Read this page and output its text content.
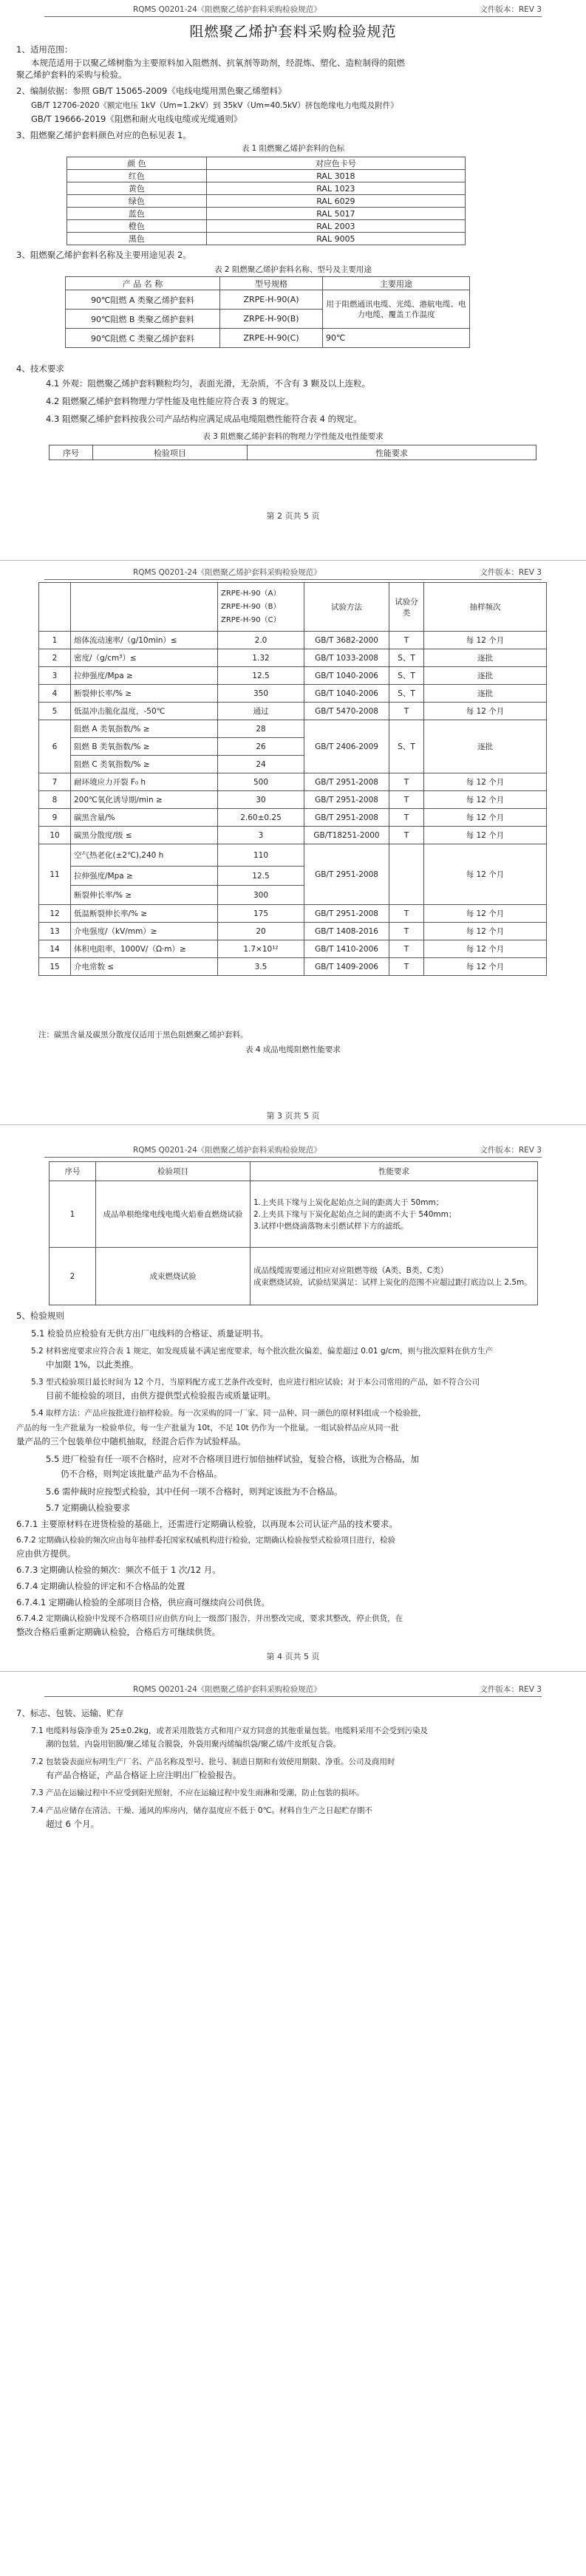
RQMS Q0201-24《阻燃聚乙烯护套料采购检验规范》	文件版本：REV 3
阻燃聚乙烯护套料采购检验规范
1、适用范围：
本规范适用于以聚乙烯树脂为主要原料加入阻燃剂、抗氧剂等助剂，经混炼、塑化、造粒制得的阻燃
聚乙烯护套料的采购与检验。
2、编制依据：参照 GB/T 15065-2009《电线电缆用黑色聚乙烯塑料》
GB/T 12706-2020《额定电压 1kV（Um=1.2kV）到 35kV（Um=40.5kV）挤包绝缘电力电缆及附件》
GB/T 19666-2019《阻燃和耐火电线电缆或光缆通则》
3、阻燃聚乙烯护套料颜色对应的色标见表 1。
表 1 阻燃聚乙烯护套料的色标
颜 色	对应色卡号
红色	RAL 3018
黄色	RAL 1023
绿色	RAL 6029
蓝色	RAL 5017
橙色	RAL 2003
黑色	RAL 9005
3、阻燃聚乙烯护套料名称及主要用途见表 2。
表 2 阻燃聚乙烯护套料名称、型号及主要用途
产 品 名 称	型号规格	主要用途
90℃阻燃 A 类聚乙烯护套料	ZRPE-H-90(A)	用于阻燃通讯电缆、光缆、港航电缆、电力电缆、覆盖工作温度
90℃阻燃 B 类聚乙烯护套料	ZRPE-H-90(B)	
90℃阻燃 C 类聚乙烯护套料	ZRPE-H-90(C)	90℃
4、技术要求
4.1 外观：阻燃聚乙烯护套料颗粒均匀，表面光滑，无杂质，不含有 3 颗及以上连粒。
4.2 阻燃聚乙烯护套料物理力学性能及电性能应符合表 3 的规定。
4.3 阻燃聚乙烯护套料按我公司产品结构应满足成品电缆阻燃性能符合表 4 的规定。
表 3 阻燃聚乙烯护套料的物理力学性能及电性能要求
序号	检验项目	性能要求
第 2 页共 5 页
RQMS Q0201-24《阻燃聚乙烯护套料采购检验规范》	文件版本：REV 3

		ZRPE-H-90（A）
ZRPE-H-90（B）
ZRPE-H-90（C）	试验方法	试验分类	抽样频次
1	熔体流动速率/（g/10min）≤	2.0	GB/T 3682-2000	T	每 12 个月
2	密度/（g/cm³）≤	1.32	GB/T 1033-2008	S、T	逐批
3	拉伸强度/Mpa ≥	12.5	GB/T 1040-2006	S、T	逐批
4	断裂伸长率/% ≥	350	GB/T 1040-2006	S、T	逐批
5	低温冲击脆化温度，-50℃	通过	GB/T 5470-2008	T	每 12 个月
6	阻燃 A 类氧指数/% ≥	28	GB/T 2406-2009	S、T	逐批
	阻燃 B 类氧指数/% ≥	26			
	阻燃 C 类氧指数/% ≥	24			
7	耐环境应力开裂 F₀ h	500	GB/T 2951-2008	T	每 12 个月
8	200℃氧化诱导期/min ≥	30	GB/T 2951-2008	T	每 12 个月
9	碳黑含量/%	2.60±0.25	GB/T 2951-2008	T	每 12 个月
10	碳黑分散度/级 ≤	3	GB/T18251-2000	T	每 12 个月
11	空气热老化(±2℃),240 h	110	GB/T 2951-2008		每 12 个月
	拉伸强度/Mpa ≥	12.5			
	断裂伸长率/% ≥	300			
12	低温断裂伸长率/% ≥	175	GB/T 2951-2008	T	每 12 个月
13	介电强度/（kV/mm）≥	20	GB/T 1408-2016	T	每 12 个月
14	体积电阻率，1000V/（Ω·m）≥	1.7×10¹²	GB/T 1410-2006	T	每 12 个月
15	介电常数 ≤	3.5	GB/T 1409-2006	T	每 12 个月
注：碳黑含量及碳黑分散度仅适用于黑色阻燃聚乙烯护套料。
表 4 成品电缆阻燃性能要求
第 3 页共 5 页
RQMS Q0201-24《阻燃聚乙烯护套料采购检验规范》	文件版本：REV 3
序号	检验项目	性能要求
1	成品单根绝缘电线电缆火焰垂直燃烧试验	1.上夹具下缘与上炭化起始点之间的距离大于 50mm；
2.上夹具下缘与下炭化起始点之间的距离不大于 540mm；
3.试样中燃烧滴落物未引燃试样下方的滤纸。

2	成束燃烧试验	成品线缆需要通过相应对应阻燃等级（A类、B类、C类）
成束燃烧试验，试验结果满足：试样上炭化的范围不应超过距打底边以上 2.5m。
5、检验规则
5.1 检验员应检验有无供方出厂电线料的合格证、质量证明书。
5.2 材料密度要求应符合表 1 规定，如发现质量不满足密度要求，每个批次批次偏差，偏差超过 0.01 g/cm，则与批次原料在供方生产
中加限 1%，以此类推。
5.3 型式检验项目最长时间为 12 个月，当原料配方或工艺条件改变时，也应进行相应试验；对于本公司常用的产品，如不符合公司
目前不能检验的项目，由供方提供型式检验报告或质量证明。
5.4 取样方法：产品应按批进行抽样检验。每一次采购的同一厂家、同一品种、同一颜色的原材料组成一个检验批，
产品的每一生产批量为一检验单位，每一生产批量为 10t，不足 10t 仍作为一个批量。一组试验样品应从同一批
量产品的三个包装单位中随机抽取，经混合后作为试验样品。
5.5 进厂检验有任一项不合格时，应对不合格项目进行加倍抽样试验，复验合格，该批为合格品，加
仍不合格，则判定该批量产品为不合格品。
5.6 需仲裁时应按型式检验，其中任何一项不合格时，则判定该批为不合格品。
5.7 定期确认检验要求
6.7.1 主要原材料在进货检验的基础上，还需进行定期确认检验，以再现本公司认证产品的技术要求。
6.7.2 定期确认检验的频次应由每年抽样委托国家权威机构进行检验，定期确认检验按型式检验项目进行，检验
应由供方提供。
6.7.3 定期确认检验的频次：频次不低于 1 次/12 月。
6.7.4 定期确认检验的评定和不合格品的处置
6.7.4.1 定期确认检验的全部项目合格，供应商可继续向公司供货。
6.7.4.2 定期确认检验中发现不合格项目应由供方向上一级部门报告，并出整改完成，要求其整改，停止供货，在
整改合格后重新定期确认检验，合格后方可继续供货。
第 4 页共 5 页
RQMS Q0201-24《阻燃聚乙烯护套料采购检验规范》	文件版本：REV 3
7、标志、包装、运输、贮存
7.1 电缆料每袋净重为 25±0.2kg，或者采用散装方式和用户双方同意的其他重量包装。电缆料采用不会受到污染及
潮的包装，内袋用铝膜/聚乙烯复合膜袋，外袋用聚丙烯编织袋/聚乙烯/牛皮纸复合袋。
7.2 包装袋表面应标明生产厂名、产品名称及型号、批号、制造日期和有效使用期限、净重。公司及商用时
有产品合格证，产品合格证上应注明出厂检验报告。
7.3 产品在运输过程中不应受到阳光照射，不应在运输过程中发生雨淋和受潮，防止包装的损坏。
7.4 产品应储存在清洁、干燥、通风的库房内，储存温度应不低于 0℃。材料自生产之日起贮存期不
超过 6 个月。
